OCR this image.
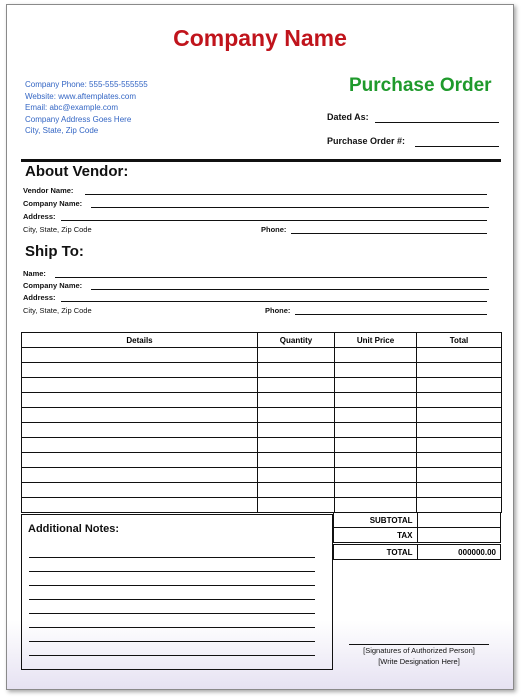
Company Name
Company Phone: 555-555-555555
Website: www.aftemplates.com
Email: abc@example.com
Company Address Goes Here
City, State, Zip Code
Purchase Order
Dated As:
Purchase Order #:
About Vendor:
Vendor Name:
Company Name:
Address:
City, State, Zip Code	Phone:
Ship To:
Name:
Company Name:
Address:
City, State, Zip Code	Phone:
Details	Quantity	Unit Price	Total

Additional Notes:
SUBTOTAL	
TAX	
TOTAL	000000.00
[Signatures of Authorized Person]
[Write Designation Here]
